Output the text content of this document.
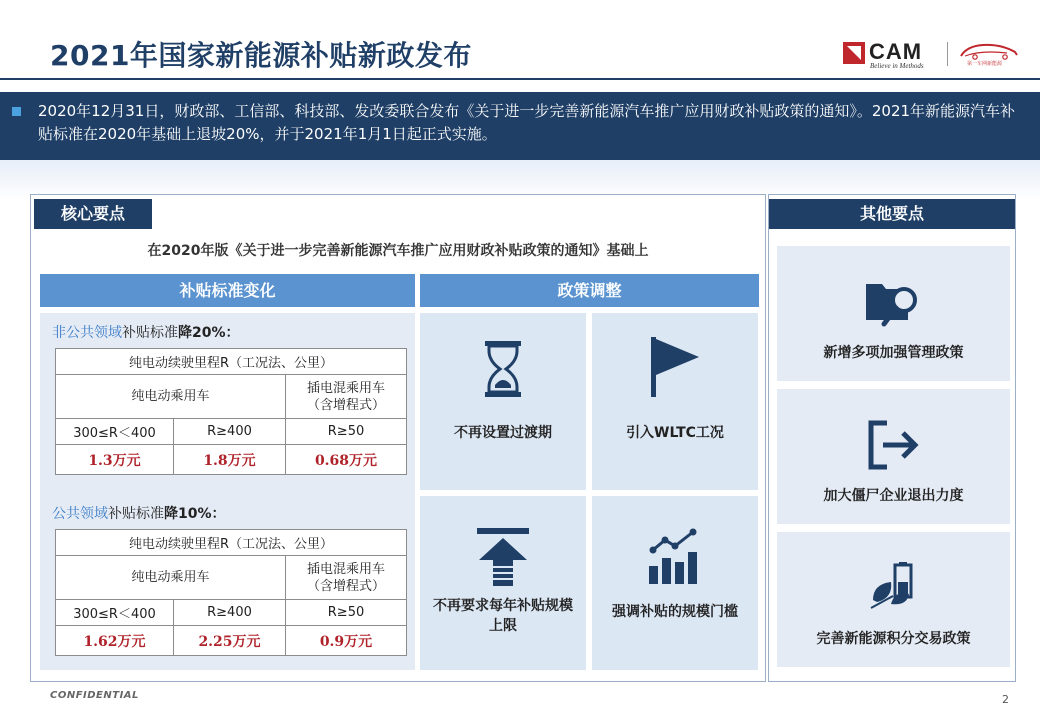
2021年国家新能源补贴新政发布	CAM
Believe in Methods	第一车网新能源
2020年12月31日，财政部、工信部、科技部、发改委联合发布《关于进一步完善新能源汽车推广应用财政补贴政策的通知》。2021年新能源汽车补贴标准在2020年基础上退坡20%，并于2021年1月1日起正式实施。
核心要点
在2020年版《关于进一步完善新能源汽车推广应用财政补贴政策的通知》基础上
补贴标准变化	政策调整
非公共领域补贴标准降20%：
纯电动续驶里程R（工况法、公里）		
纯电动乘用车		插电混乘用车
（含增程式）
300≤R＜400	R≥400	R≥50
1.3万元	1.8万元	0.68万元
公共领域补贴标准降10%：
纯电动续驶里程R（工况法、公里）		
纯电动乘用车		插电混乘用车
（含增程式）
300≤R＜400	R≥400	R≥50
1.62万元	2.25万元	0.9万元
不再设置过渡期	引入WLTC工况
不再要求每年补贴规模上限
强调补贴的规模门槛
其他要点
新增多项加强管理政策
加大僵尸企业退出力度
完善新能源积分交易政策
CONFIDENTIAL	2
